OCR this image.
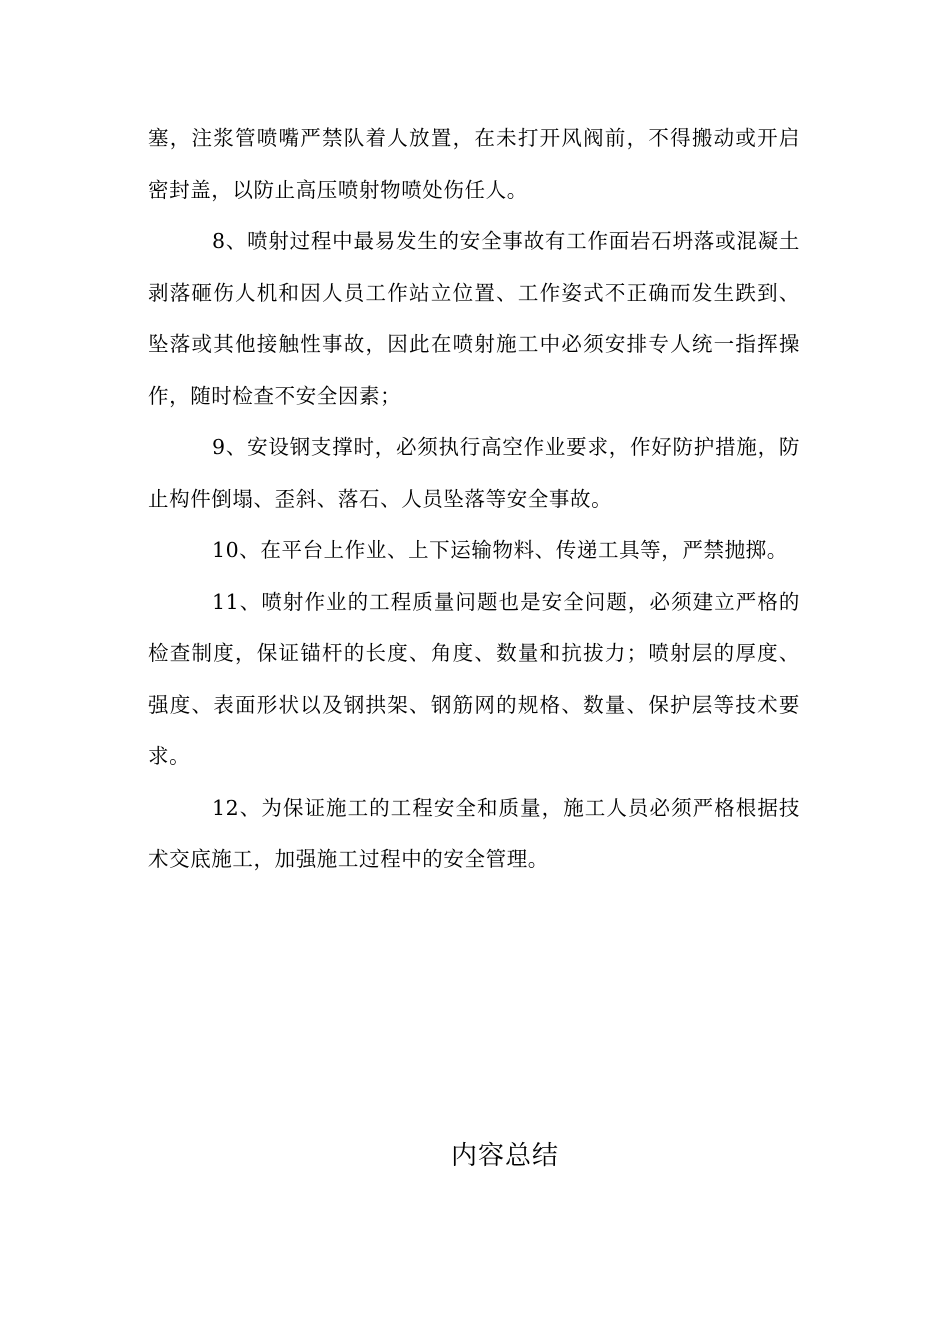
塞，注浆管喷嘴严禁队着人放置，在未打开风阀前，不得搬动或开启密封盖，以防止高压喷射物喷处伤任人。

8、喷射过程中最易发生的安全事故有工作面岩石坍落或混凝土剥落砸伤人机和因人员工作站立位置、工作姿式不正确而发生跌到、坠落或其他接触性事故，因此在喷射施工中必须安排专人统一指挥操作，随时检查不安全因素；

9、安设钢支撑时，必须执行高空作业要求，作好防护措施，防止构件倒塌、歪斜、落石、人员坠落等安全事故。

10、在平台上作业、上下运输物料、传递工具等，严禁抛掷。

11、喷射作业的工程质量问题也是安全问题，必须建立严格的检查制度，保证锚杆的长度、角度、数量和抗拔力；喷射层的厚度、强度、表面形状以及钢拱架、钢筋网的规格、数量、保护层等技术要求。

12、为保证施工的工程安全和质量，施工人员必须严格根据技术交底施工，加强施工过程中的安全管理。

内容总结
